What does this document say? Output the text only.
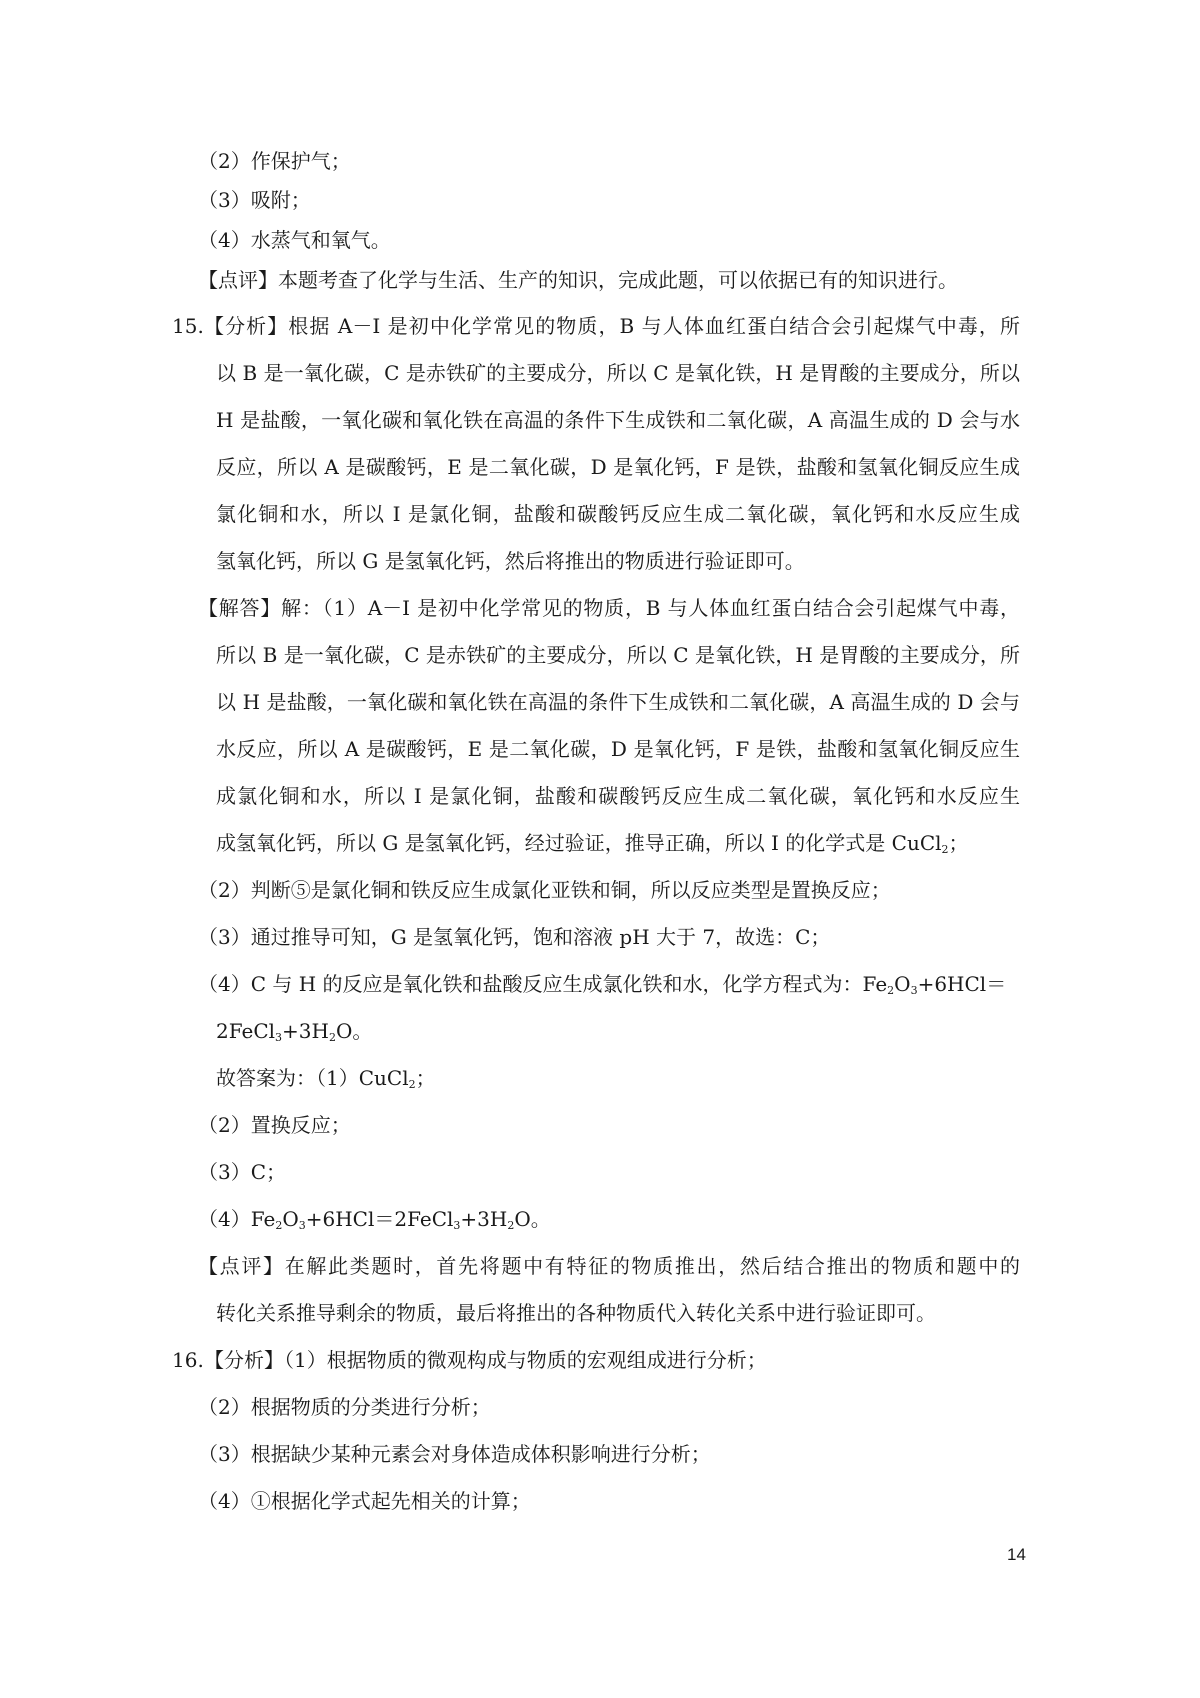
（2）作保护气；
（3）吸附；
（4）水蒸气和氧气。
【点评】本题考查了化学与生活、生产的知识，完成此题，可以依据已有的知识进行。
15. 【分析】根据 A－I 是初中化学常见的物质，B 与人体血红蛋白结合会引起煤气中毒，所
以 B 是一氧化碳，C 是赤铁矿的主要成分，所以 C 是氧化铁，H 是胃酸的主要成分，所以
H 是盐酸，一氧化碳和氧化铁在高温的条件下生成铁和二氧化碳，A 高温生成的 D 会与水
反应，所以 A 是碳酸钙，E 是二氧化碳，D 是氧化钙，F 是铁，盐酸和氢氧化铜反应生成
氯化铜和水，所以 I 是氯化铜，盐酸和碳酸钙反应生成二氧化碳，氧化钙和水反应生成
氢氧化钙，所以 G 是氢氧化钙，然后将推出的物质进行验证即可。
【解答】解：（1）A－I 是初中化学常见的物质，B 与人体血红蛋白结合会引起煤气中毒，
所以 B 是一氧化碳，C 是赤铁矿的主要成分，所以 C 是氧化铁，H 是胃酸的主要成分，所
以 H 是盐酸，一氧化碳和氧化铁在高温的条件下生成铁和二氧化碳，A 高温生成的 D 会与
水反应，所以 A 是碳酸钙，E 是二氧化碳，D 是氧化钙，F 是铁，盐酸和氢氧化铜反应生
成氯化铜和水，所以 I 是氯化铜，盐酸和碳酸钙反应生成二氧化碳，氧化钙和水反应生
成氢氧化钙，所以 G 是氢氧化钙，经过验证，推导正确，所以 I 的化学式是 CuCl$_2$；
（2）判断⑤是氯化铜和铁反应生成氯化亚铁和铜，所以反应类型是置换反应；
（3）通过推导可知，G 是氢氧化钙，饱和溶液 pH 大于 7，故选：C；
（4）C 与 H 的反应是氧化铁和盐酸反应生成氯化铁和水，化学方程式为：$Fe_2O_3+6HCl=$
$2FeCl_3+3H_2O$。
故答案为：（1）CuCl$_2$；
（2）置换反应；
（3）C；
$(4)Fe_2O_3+6HCl=2FeCl_3+3H_2O$。
【点评】在解此类题时，首先将题中有特征的物质推出，然后结合推出的物质和题中的
转化关系推导剩余的物质，最后将推出的各种物质代入转化关系中进行验证即可。
16. 【分析】（1）根据物质的微观构成与物质的宏观组成进行分析；
（2）根据物质的分类进行分析；
（3）根据缺少某种元素会对身体造成体积影响进行分析；
（4）①根据化学式起先相关的计算；
14
